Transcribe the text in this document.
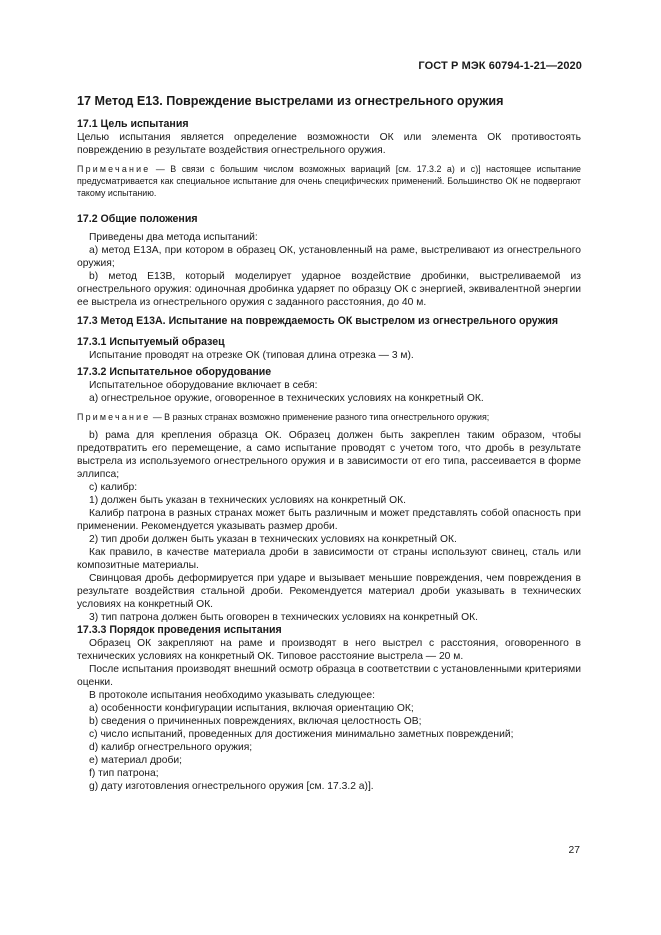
ГОСТ Р МЭК 60794-1-21—2020
17 Метод Е13. Повреждение выстрелами из огнестрельного оружия
17.1 Цель испытания

Целью испытания является определение возможности ОК или элемента ОК противостоять повреждению в результате воздействия огнестрельного оружия.

Примечание — В связи с большим числом возможных вариаций [см. 17.3.2 а) и с)] настоящее испытание предусматривается как специальное испытание для очень специфических применений. Большинство ОК не подвергают такому испытанию.
17.2 Общие положения

Приведены два метода испытаний:

а) метод Е13А, при котором в образец ОК, установленный на раме, выстреливают из огнестрельного оружия;

b) метод Е13В, который моделирует ударное воздействие дробинки, выстреливаемой из огнестрельного оружия: одиночная дробинка ударяет по образцу ОК с энергией, эквивалентной энергии ее выстрела из огнестрельного оружия с заданного расстояния, до 40 м.

17.3 Метод Е13А. Испытание на повреждаемость ОК выстрелом из огнестрельного оружия
17.3.1 Испытуемый образец

Испытание проводят на отрезке ОК (типовая длина отрезка — 3 м).

17.3.2 Испытательное оборудование

Испытательное оборудование включает в себя:

а) огнестрельное оружие, оговоренное в технических условиях на конкретный ОК.

Примечание — В разных странах возможно применение разного типа огнестрельного оружия;

b) рама для крепления образца ОК. Образец должен быть закреплен таким образом, чтобы предотвратить его перемещение, а само испытание проводят с учетом того, что дробь в результате выстрела из используемого огнестрельного оружия и в зависимости от его типа, рассеивается в форме эллипса;

с) калибр:

1) должен быть указан в технических условиях на конкретный ОК.

Калибр патрона в разных странах может быть различным и может представлять собой опасность при применении. Рекомендуется указывать размер дроби.

2) тип дроби должен быть указан в технических условиях на конкретный ОК.

Как правило, в качестве материала дроби в зависимости от страны используют свинец, сталь или композитные материалы.

Свинцовая дробь деформируется при ударе и вызывает меньшие повреждения, чем повреждения в результате воздействия стальной дроби. Рекомендуется материал дроби указывать в технических условиях на конкретный ОК.

3) тип патрона должен быть оговорен в технических условиях на конкретный ОК.

17.3.3 Порядок проведения испытания

Образец ОК закрепляют на раме и производят в него выстрел с расстояния, оговоренного в технических условиях на конкретный ОК. Типовое расстояние выстрела — 20 м.

После испытания производят внешний осмотр образца в соответствии с установленными критериями оценки.

В протоколе испытания необходимо указывать следующее:

а) особенности конфигурации испытания, включая ориентацию ОК;

b) сведения о причиненных повреждениях, включая целостность ОВ;

с) число испытаний, проведенных для достижения минимально заметных повреждений;

d) калибр огнестрельного оружия;

е) материал дроби;

f) тип патрона;

g) дату изготовления огнестрельного оружия [см. 17.3.2 а)].

27
